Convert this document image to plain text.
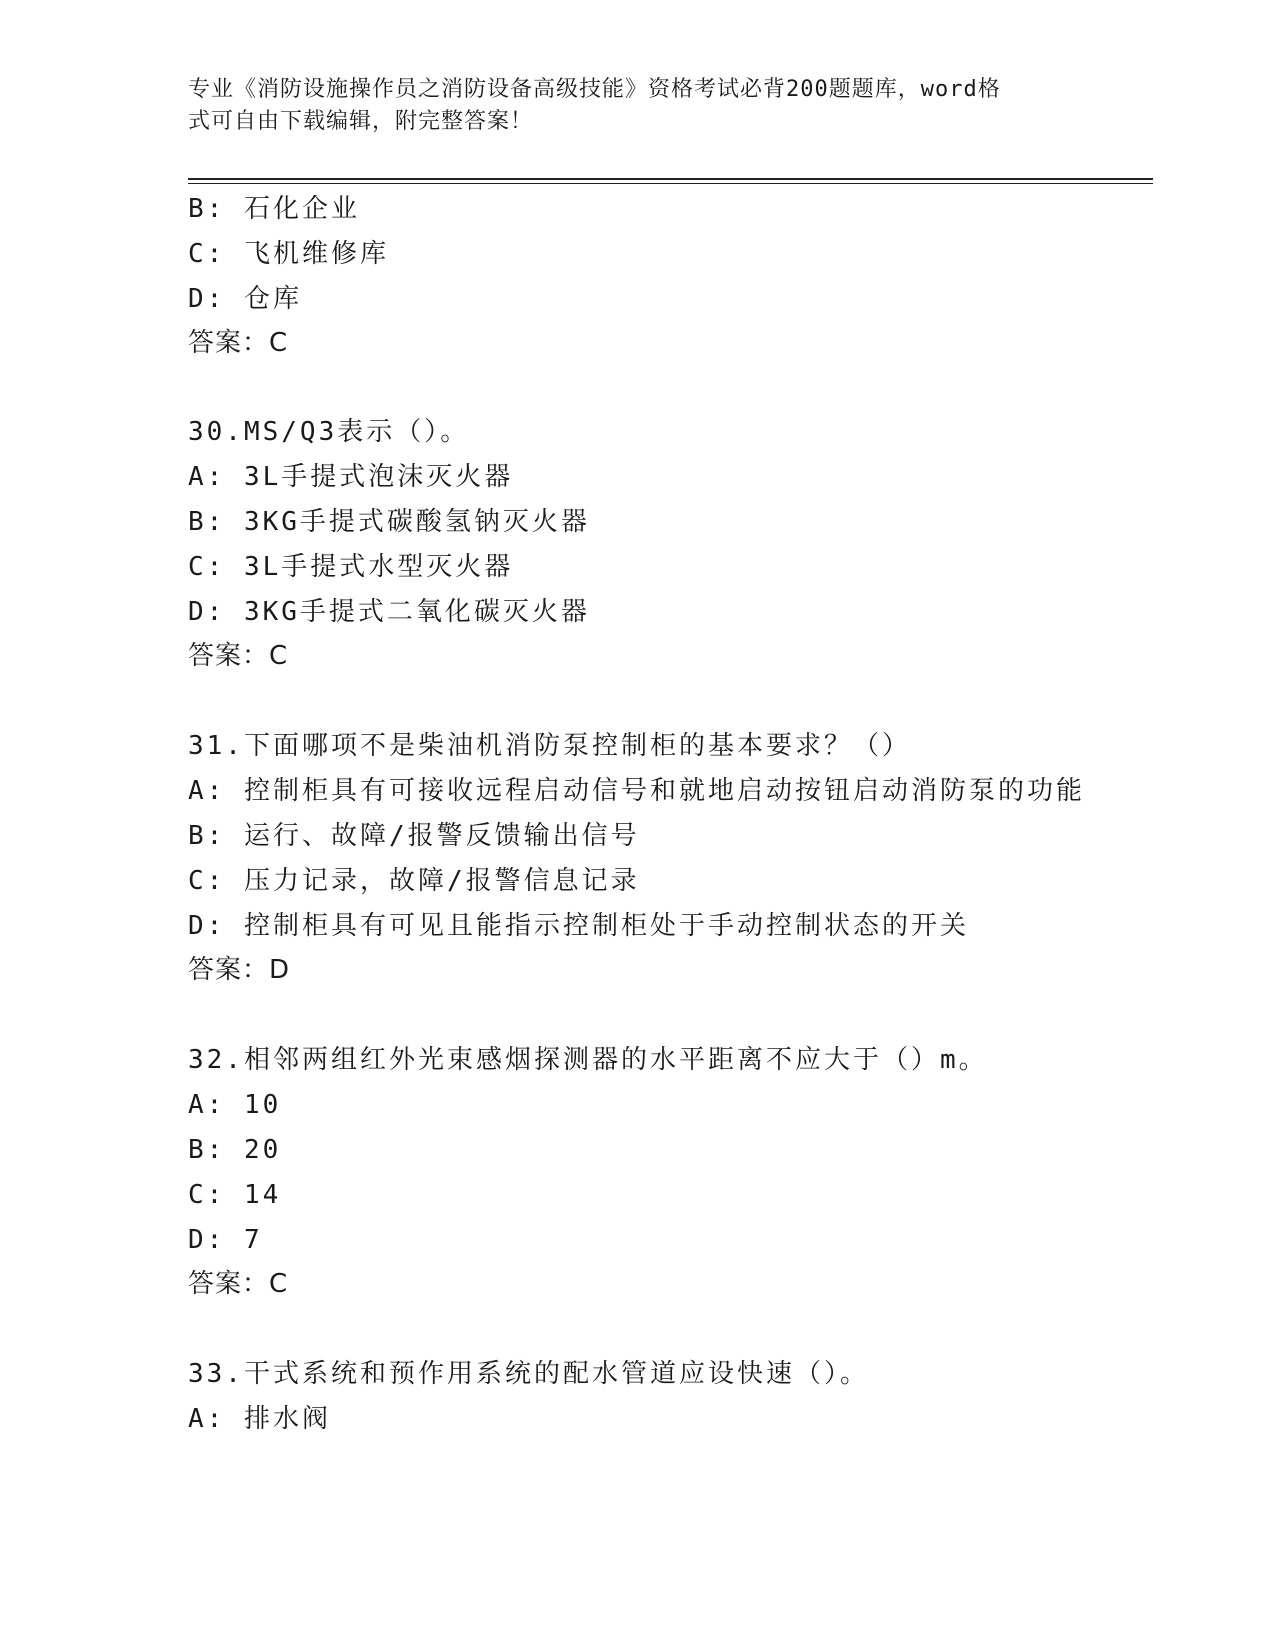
专业《消防设施操作员之消防设备高级技能》资格考试必背200题题库，word格
式可自由下载编辑，附完整答案！
B: 石化企业
C: 飞机维修库
D: 仓库
答案：C
30.MS/Q3表示（）。
A: 3L手提式泡沫灭火器
B: 3KG手提式碳酸氢钠灭火器
C: 3L手提式水型灭火器
D: 3KG手提式二氧化碳灭火器
答案：C
31.下面哪项不是柴油机消防泵控制柜的基本要求？（）
A: 控制柜具有可接收远程启动信号和就地启动按钮启动消防泵的功能
B: 运行、故障/报警反馈输出信号
C: 压力记录，故障/报警信息记录
D: 控制柜具有可见且能指示控制柜处于手动控制状态的开关
答案：D
32.相邻两组红外光束感烟探测器的水平距离不应大于（）m。
A: 10
B: 20
C: 14
D: 7
答案：C
33.干式系统和预作用系统的配水管道应设快速（）。
A: 排水阀
